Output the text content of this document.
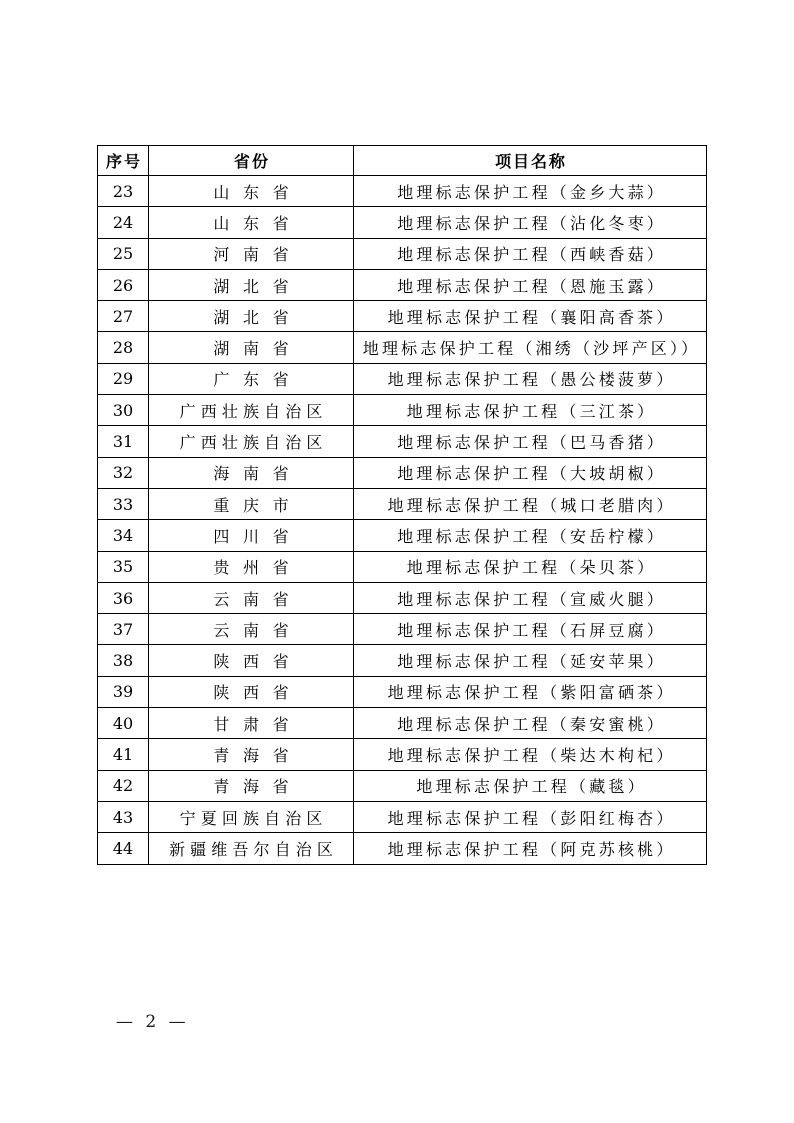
序号	省份	项目名称
23	山东省	地理标志保护工程（金乡大蒜）
24	山东省	地理标志保护工程（沾化冬枣）
25	河南省	地理标志保护工程（西峡香菇）
26	湖北省	地理标志保护工程（恩施玉露）
27	湖北省	地理标志保护工程（襄阳高香茶）
28	湖南省	地理标志保护工程（湘绣（沙坪产区））
29	广东省	地理标志保护工程（愚公楼菠萝）
30	广西壮族自治区	地理标志保护工程（三江茶）
31	广西壮族自治区	地理标志保护工程（巴马香猪）
32	海南省	地理标志保护工程（大坡胡椒）
33	重庆市	地理标志保护工程（城口老腊肉）
34	四川省	地理标志保护工程（安岳柠檬）
35	贵州省	地理标志保护工程（朵贝茶）
36	云南省	地理标志保护工程（宣威火腿）
37	云南省	地理标志保护工程（石屏豆腐）
38	陕西省	地理标志保护工程（延安苹果）
39	陕西省	地理标志保护工程（紫阳富硒茶）
40	甘肃省	地理标志保护工程（秦安蜜桃）
41	青海省	地理标志保护工程（柴达木枸杞）
42	青海省	地理标志保护工程（藏毯）
43	宁夏回族自治区	地理标志保护工程（彭阳红梅杏）
44	新疆维吾尔自治区	地理标志保护工程（阿克苏核桃）
— 2 —
